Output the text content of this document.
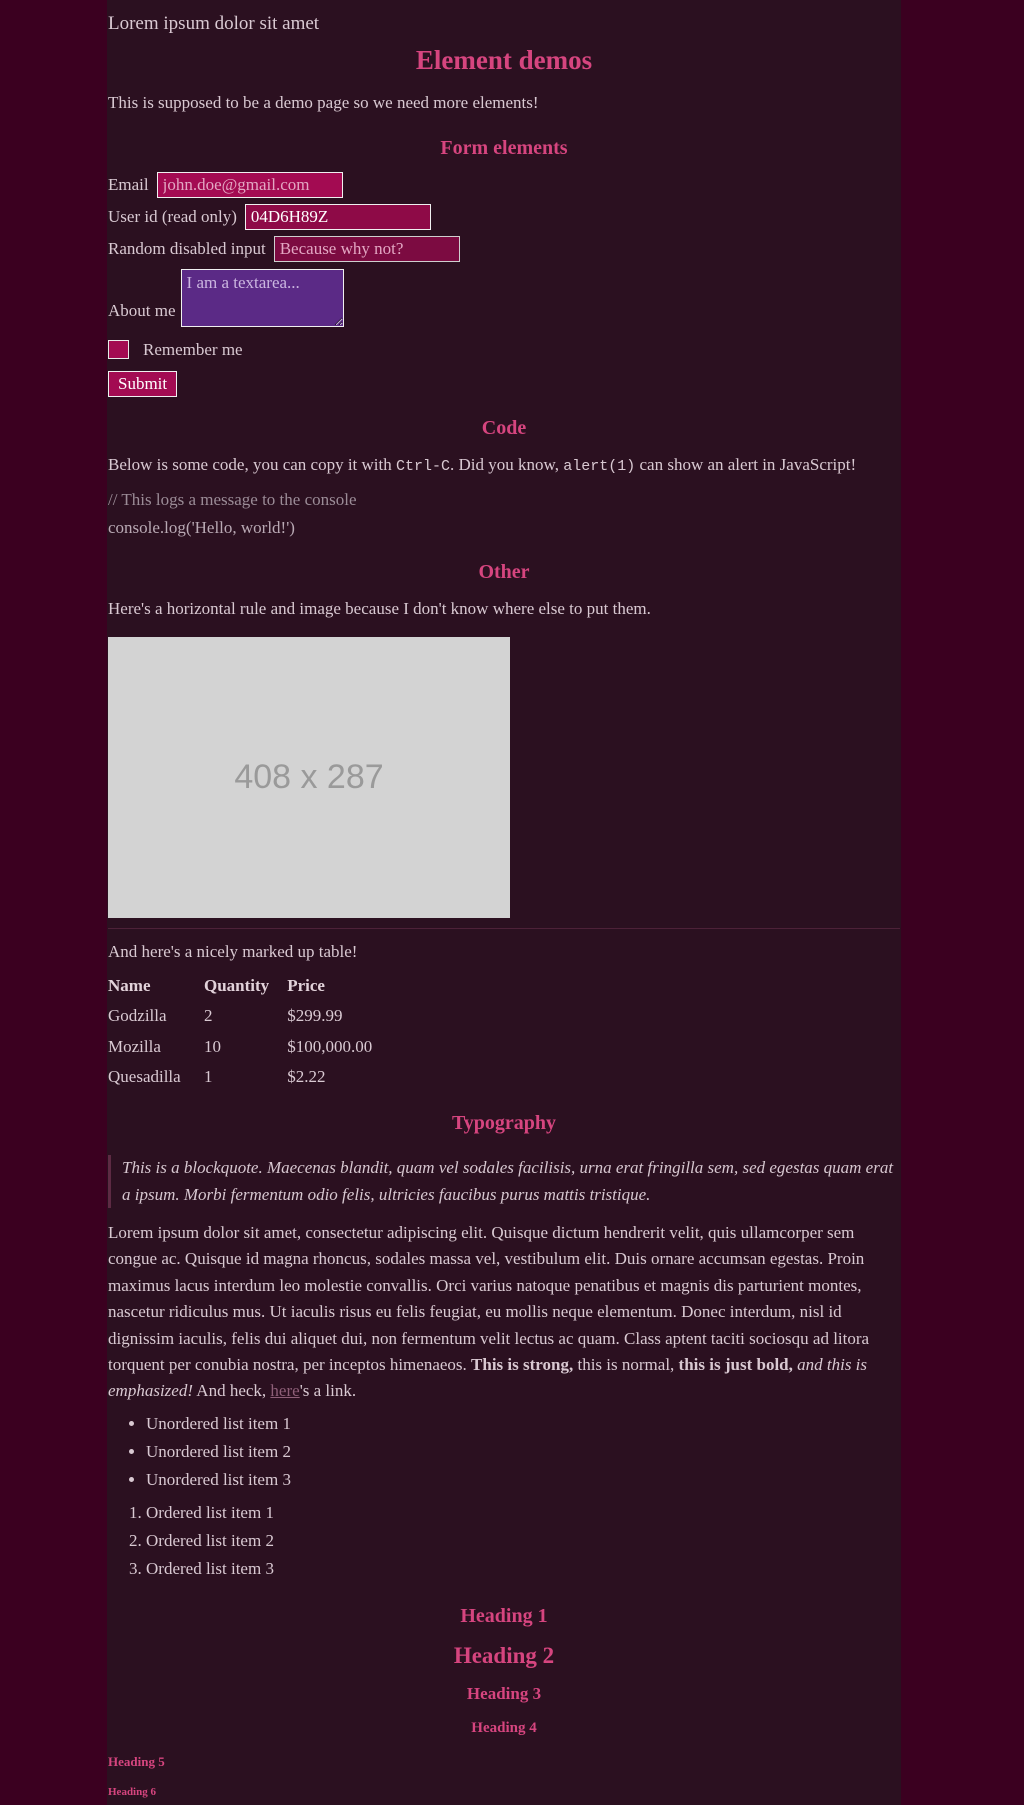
Lorem ipsum dolor sit amet
Element demos

This is supposed to be a demo page so we need more elements!

Form elements
Email
john.doe@gmail.com
User id (read only)
04D6H89Z
Random disabled input
Because why not?
About me
I am a textarea...
Remember me
Submit
Code

Below is some code, you can copy it with Ctrl-C. Did you know, alert(1) can show an alert in JavaScript!

// This logs a message to the console
console.log('Hello, world!')
Other

Here's a horizontal rule and image because I don't know where else to put them.

408 x 287

And here's a nicely marked up table!

Name	Quantity	Price
Godzilla	2	$299.99
Mozilla	10	$100,000.00
Quesadilla	1	$2.22
Typography
This is a blockquote. Maecenas blandit, quam vel sodales facilisis, urna erat fringilla sem, sed egestas quam erat a ipsum. Morbi fermentum odio felis, ultricies faucibus purus mattis tristique.

Lorem ipsum dolor sit amet, consectetur adipiscing elit. Quisque dictum hendrerit velit, quis ullamcorper sem congue ac. Quisque id magna rhoncus, sodales massa vel, vestibulum elit. Duis ornare accumsan egestas. Proin maximus lacus interdum leo molestie convallis. Orci varius natoque penatibus et magnis dis parturient montes, nascetur ridiculus mus. Ut iaculis risus eu felis feugiat, eu mollis neque elementum. Donec interdum, nisl id dignissim iaculis, felis dui aliquet dui, non fermentum velit lectus ac quam. Class aptent taciti sociosqu ad litora torquent per conubia nostra, per inceptos himenaeos. This is strong, this is normal, this is just bold, and this is emphasized! And heck, here's a link.

• Unordered list item 1
• Unordered list item 2
• Unordered list item 3
1. Ordered list item 1
2. Ordered list item 2
3. Ordered list item 3
Heading 1
Heading 2
Heading 3
Heading 4
Heading 5
Heading 6
